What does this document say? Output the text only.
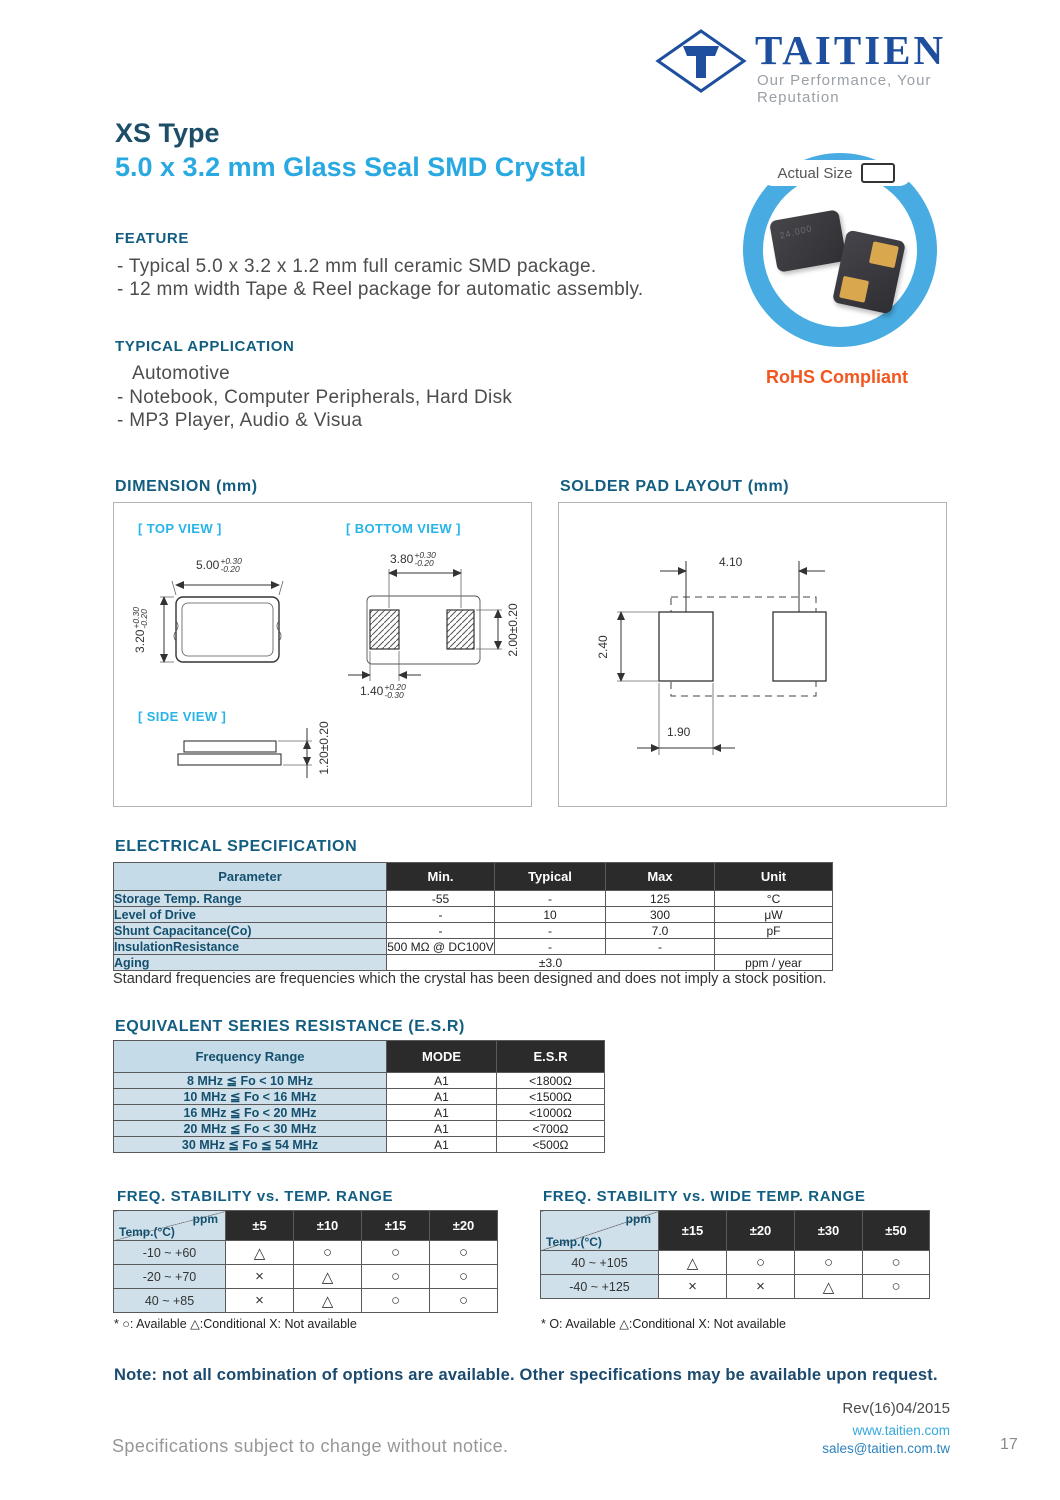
TAITIEN
Our Performance, Your Reputation
XS Type
5.0 x 3.2 mm Glass Seal SMD Crystal
FEATURE
- Typical 5.0 x 3.2 x 1.2 mm full ceramic SMD package.
- 12 mm width Tape & Reel package for automatic assembly.
TYPICAL APPLICATION
Automotive
- Notebook, Computer Peripherals, Hard Disk
- MP3 Player, Audio & Visua
24.000
Actual Size
RoHS Compliant
DIMENSION (mm)
[ TOP VIEW ]	[ BOTTOM VIEW ]
[ SIDE VIEW ]
5.00 +0.30
-0.20
3.20
+0.30
-0.20
3.80 +0.30
-0.20
2.00±0.20
1.40 +0.20
-0.30
1.20±0.20
SOLDER PAD LAYOUT (mm)
4.10
2.40
1.90
ELECTRICAL SPECIFICATION
Parameter	Min.	Typical	Max	Unit
Storage Temp. Range	-55	-	125	°C
Level of Drive	-	10	300	μW
Shunt Capacitance(Co)	-	-	7.0	pF
InsulationResistance	500 MΩ @ DC100V	-	-	
Aging	±3.0			ppm / year
Standard frequencies are frequencies which the crystal has been designed and does not imply a stock position.
EQUIVALENT SERIES RESISTANCE (E.S.R)
Frequency Range	MODE	E.S.R
8 MHz ≦ Fo < 10 MHz	A1	<1800Ω
10 MHz ≦ Fo < 16 MHz	A1	<1500Ω
16 MHz ≦ Fo < 20 MHz	A1	<1000Ω
20 MHz ≦ Fo < 30 MHz	A1	<700Ω
30 MHz ≦ Fo ≦ 54 MHz	A1	<500Ω
FREQ. STABILITY vs. TEMP. RANGE
ppm
Temp.(°C)	±5	±10	±15	±20
-10 ~ +60	△	○	○	○
-20 ~ +70	×	△	○	○
40 ~ +85	×	△	○	○
* ○: Available △:Conditional X: Not available
FREQ. STABILITY vs. WIDE TEMP. RANGE
ppm
Temp.(°C)	±15	±20	±30	±50
40 ~ +105	△	○	○	○
-40 ~ +125	×	×	△	○
* O: Available △:Conditional X: Not available
Note: not all combination of options are available. Other specifications may be available upon request.
Rev(16)04/2015
www.taitien.com
sales@taitien.com.tw
Specifications subject to change without notice.	17
